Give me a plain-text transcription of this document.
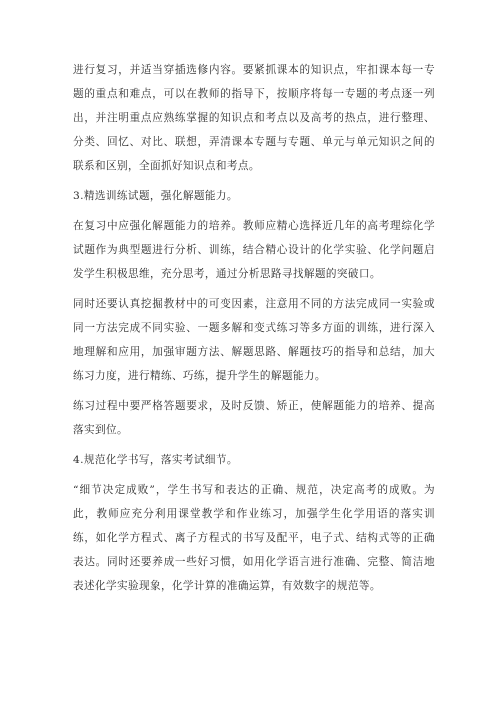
进行复习，并适当穿插选修内容。要紧抓课本的知识点，牢扣课本每一专题的重点和难点，可以在教师的指导下，按顺序将每一专题的考点逐一列出，并注明重点应熟练掌握的知识点和考点以及高考的热点，进行整理、分类、回忆、对比、联想，弄清课本专题与专题、单元与单元知识之间的联系和区别，全面抓好知识点和考点。

3.精选训练试题，强化解题能力。

在复习中应强化解题能力的培养。教师应精心选择近几年的高考理综化学试题作为典型题进行分析、训练，结合精心设计的化学实验、化学问题启发学生积极思维，充分思考，通过分析思路寻找解题的突破口。

同时还要认真挖掘教材中的可变因素，注意用不同的方法完成同一实验或同一方法完成不同实验、一题多解和变式练习等多方面的训练，进行深入地理解和应用，加强审题方法、解题思路、解题技巧的指导和总结，加大练习力度，进行精练、巧练，提升学生的解题能力。

练习过程中要严格答题要求，及时反馈、矫正，使解题能力的培养、提高落实到位。

4.规范化学书写，落实考试细节。

“细节决定成败”，学生书写和表达的正确、规范，决定高考的成败。为此，教师应充分利用课堂教学和作业练习，加强学生化学用语的落实训练，如化学方程式、离子方程式的书写及配平，电子式、结构式等的正确表达。同时还要养成一些好习惯，如用化学语言进行准确、完整、简洁地表述化学实验现象，化学计算的准确运算，有效数字的规范等。
